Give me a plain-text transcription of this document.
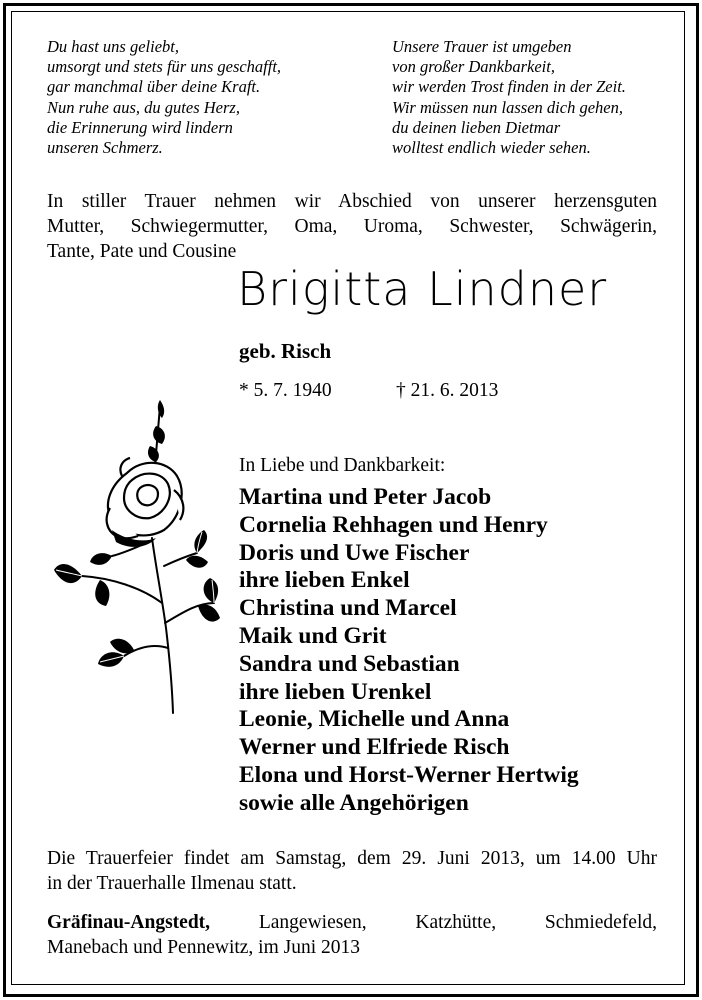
Du hast uns geliebt,
umsorgt und stets für uns geschafft,
gar manchmal über deine Kraft.
Nun ruhe aus, du gutes Herz,
die Erinnerung wird lindern
unseren Schmerz.
Unsere Trauer ist umgeben
von großer Dankbarkeit,
wir werden Trost finden in der Zeit.
Wir müssen nun lassen dich gehen,
du deinen lieben Dietmar
wolltest endlich wieder sehen.
In stiller Trauer nehmen wir Abschied von unserer herzensguten
Mutter, Schwiegermutter, Oma, Uroma, Schwester, Schwägerin,
Tante, Pate und Cousine
Brigitta Lindner
geb. Risch
* 5. 7. 1940	† 21. 6. 2013
In Liebe und Dankbarkeit:
Martina und Peter Jacob
Cornelia Rehhagen und Henry
Doris und Uwe Fischer
ihre lieben Enkel
Christina und Marcel
Maik und Grit
Sandra und Sebastian
ihre lieben Urenkel
Leonie, Michelle und Anna
Werner und Elfriede Risch
Elona und Horst-Werner Hertwig
sowie alle Angehörigen
Die Trauerfeier findet am Samstag, dem 29. Juni 2013, um 14.00 Uhr
in der Trauerhalle Ilmenau statt.
Gräfinau-Angstedt,	Langewiesen, Katzhütte, Schmiedefeld,
Manebach und Pennewitz, im Juni 2013
